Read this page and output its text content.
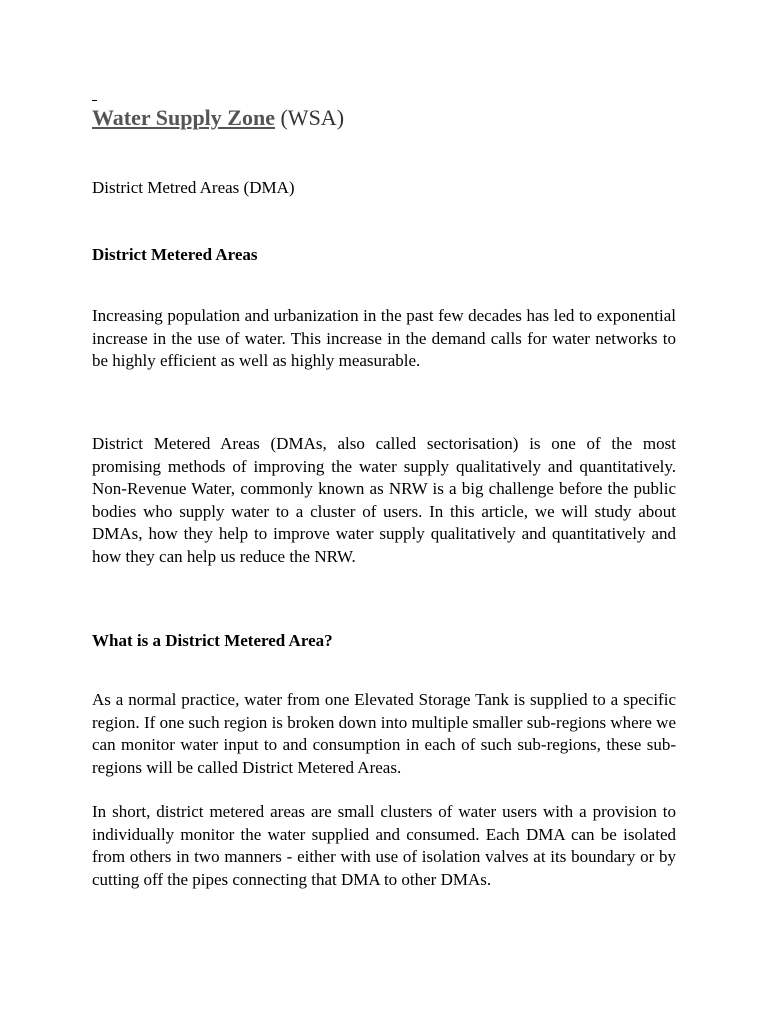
Water Supply Zone (WSA)
District Metred Areas (DMA)
District Metered Areas

Increasing population and urbanization in the past few decades has led to exponential increase in the use of water. This increase in the demand calls for water networks to be highly efficient as well as highly measurable.

District Metered Areas (DMAs, also called sectorisation) is one of the most promising methods of improving the water supply qualitatively and quantitatively. Non-Revenue Water, commonly known as NRW is a big challenge before the public bodies who supply water to a cluster of users. In this article, we will study about DMAs, how they help to improve water supply qualitatively and quantitatively and how they can help us reduce the NRW.

What is a District Metered Area?

As a normal practice, water from one Elevated Storage Tank is supplied to a specific region. If one such region is broken down into multiple smaller sub-regions where we can monitor water input to and consumption in each of such sub-regions, these sub-regions will be called District Metered Areas.

In short, district metered areas are small clusters of water users with a provision to individually monitor the water supplied and consumed. Each DMA can be isolated from others in two manners - either with use of isolation valves at its boundary or by cutting off the pipes connecting that DMA to other DMAs.
